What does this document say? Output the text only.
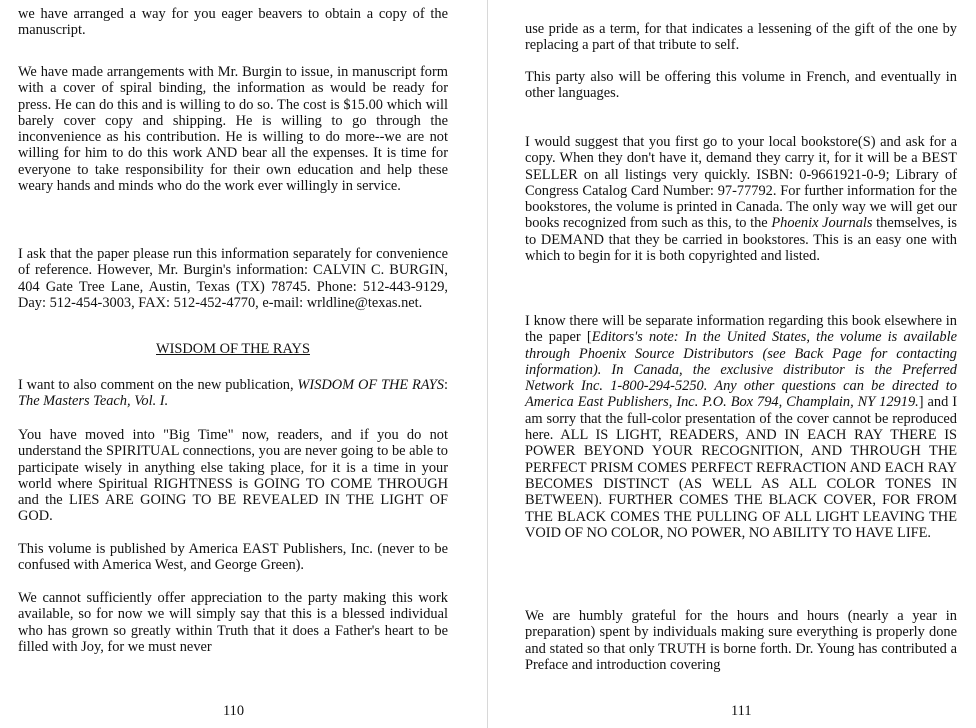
we have arranged a way for you eager beavers to obtain a copy of the manuscript.

We have made arrangements with Mr. Burgin to issue, in manuscript form with a cover of spiral binding, the information as would be ready for press. He can do this and is willing to do so. The cost is $15.00 which will barely cover copy and shipping. He is willing to go through the inconvenience as his contribution. He is willing to do more--we are not willing for him to do this work AND bear all the expenses. It is time for everyone to take responsibility for their own education and help these weary hands and minds who do the work ever willingly in service.

I ask that the paper please run this information separately for convenience of reference. However, Mr. Burgin's information: CALVIN C. BURGIN, 404 Gate Tree Lane, Austin, Texas (TX) 78745. Phone: 512-443-9129, Day: 512-454-3003, FAX: 512-452-4770, e-mail: wrldline@texas.net.

WISDOM OF THE RAYS

I want to also comment on the new publication, WISDOM OF THE RAYS: The Masters Teach, Vol. I.

You have moved into "Big Time" now, readers, and if you do not understand the SPIRITUAL connections, you are never going to be able to participate wisely in anything else taking place, for it is a time in your world where Spiritual RIGHTNESS is GOING TO COME THROUGH and the LIES ARE GOING TO BE REVEALED IN THE LIGHT OF GOD.

This volume is published by America EAST Publishers, Inc. (never to be confused with America West, and George Green).

We cannot sufficiently offer appreciation to the party making this work available, so for now we will simply say that this is a blessed individual who has grown so greatly within Truth that it does a Father's heart to be filled with Joy, for we must never

110

use pride as a term, for that indicates a lessening of the gift of the one by replacing a part of that tribute to self.

This party also will be offering this volume in French, and eventually in other languages.

I would suggest that you first go to your local bookstore(S) and ask for a copy. When they don't have it, demand they carry it, for it will be a BEST SELLER on all listings very quickly. ISBN: 0-9661921-0-9; Library of Congress Catalog Card Number: 97-77792. For further information for the bookstores, the volume is printed in Canada. The only way we will get our books recognized from such as this, to the Phoenix Journals themselves, is to DEMAND that they be carried in bookstores. This is an easy one with which to begin for it is both copyrighted and listed.

I know there will be separate information regarding this book elsewhere in the paper [Editors's note: In the United States, the volume is available through Phoenix Source Distributors (see Back Page for contacting information). In Canada, the exclusive distributor is the Preferred Network Inc. 1-800-294-5250. Any other questions can be directed to America East Publishers, Inc. P.O. Box 794, Champlain, NY 12919.] and I am sorry that the full-color presentation of the cover cannot be reproduced here. ALL IS LIGHT, READERS, AND IN EACH RAY THERE IS POWER BEYOND YOUR RECOGNITION, AND THROUGH THE PERFECT PRISM COMES PERFECT REFRACTION AND EACH RAY BECOMES DISTINCT (AS WELL AS ALL COLOR TONES IN BETWEEN). FURTHER COMES THE BLACK COVER, FOR FROM THE BLACK COMES THE PULLING OF ALL LIGHT LEAVING THE VOID OF NO COLOR, NO POWER, NO ABILITY TO HAVE LIFE.

We are humbly grateful for the hours and hours (nearly a year in preparation) spent by individuals making sure everything is properly done and stated so that only TRUTH is borne forth. Dr. Young has contributed a Preface and introduction covering

111
